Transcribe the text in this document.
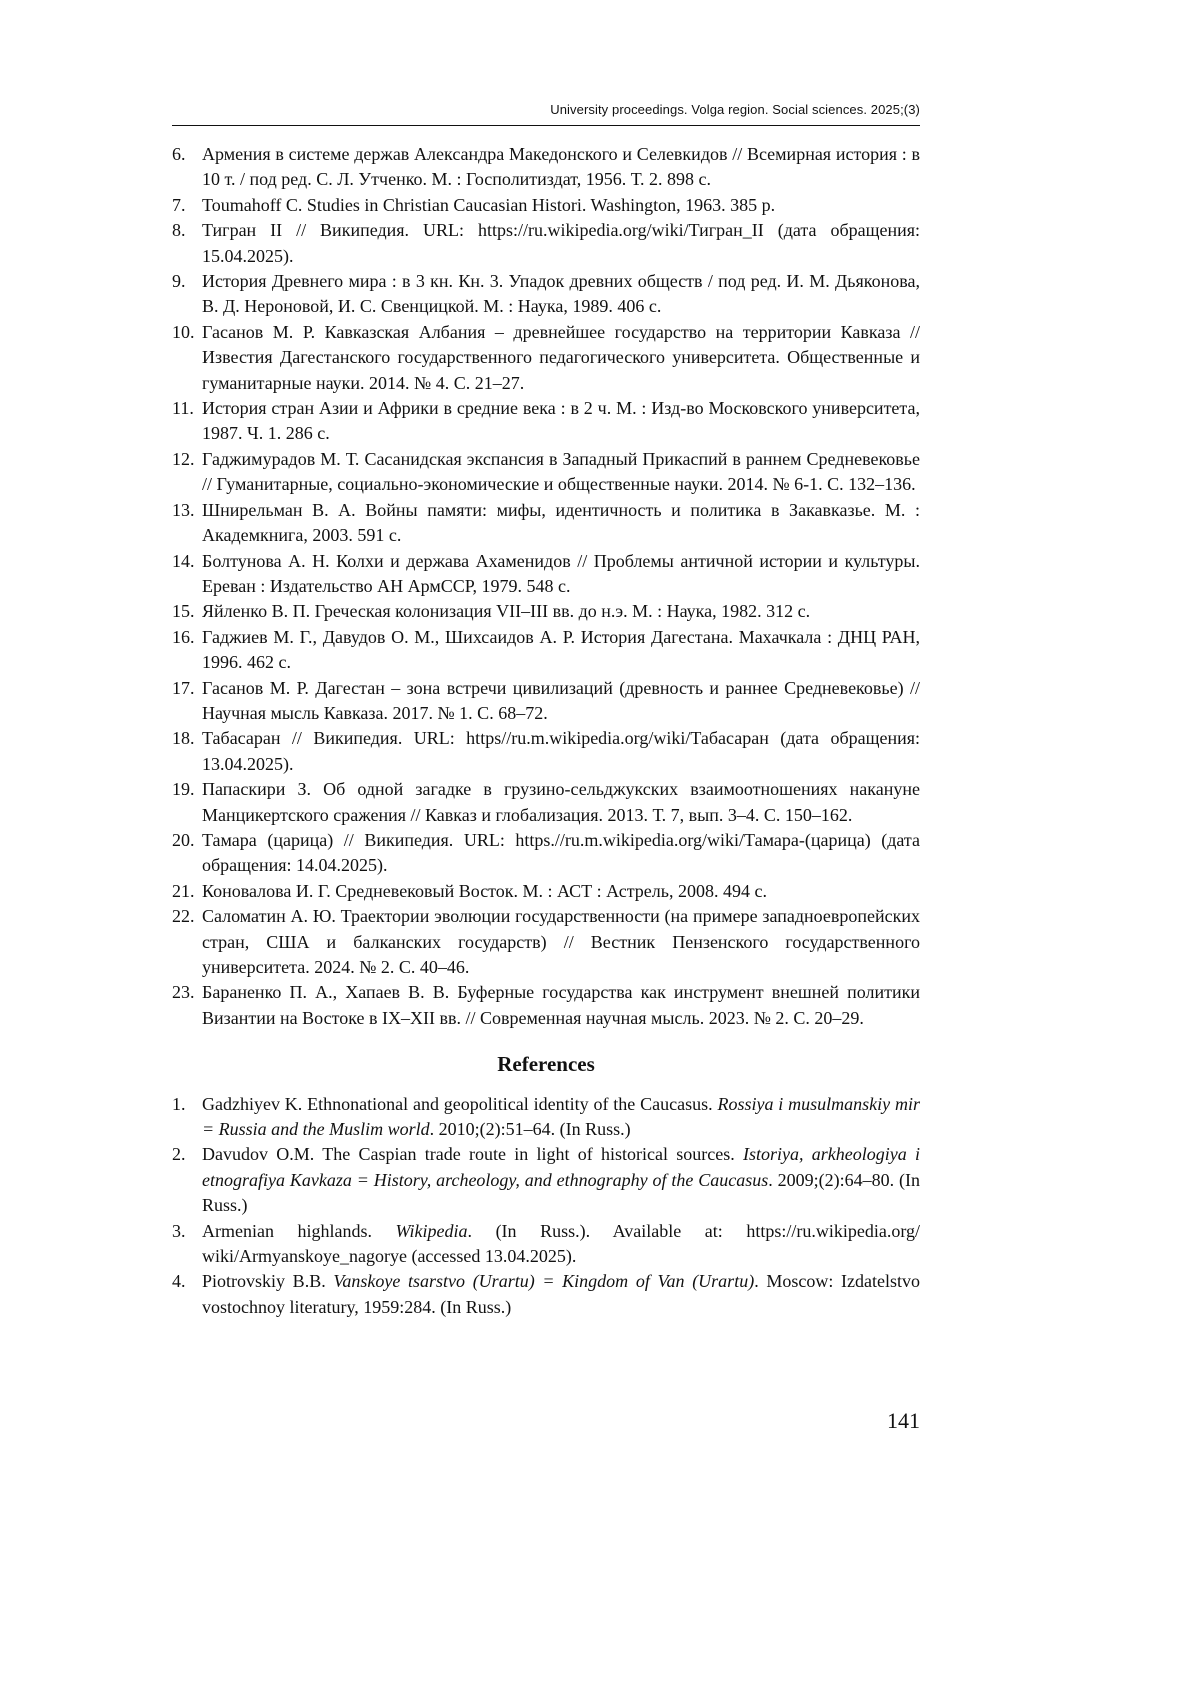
University proceedings. Volga region. Social sciences. 2025;(3)
6. Армения в системе держав Александра Македонского и Селевкидов // Всемирная история : в 10 т. / под ред. С. Л. Утченко. М. : Госполитиздат, 1956. Т. 2. 898 с.
7. Toumahoff C. Studies in Christian Caucasian Histori. Washington, 1963. 385 p.
8. Тигран II // Википедия. URL: https://ru.wikipedia.org/wiki/Тигран_II (дата обращения: 15.04.2025).
9. История Древнего мира : в 3 кн. Кн. 3. Упадок древних обществ / под ред. И. М. Дьяконова, В. Д. Нероновой, И. С. Свенцицкой. М. : Наука, 1989. 406 с.
10. Гасанов М. Р. Кавказская Албания – древнейшее государство на территории Кавказа // Известия Дагестанского государственного педагогического университета. Общественные и гуманитарные науки. 2014. № 4. С. 21–27.
11. История стран Азии и Африки в средние века : в 2 ч. М. : Изд-во Московского университета, 1987. Ч. 1. 286 с.
12. Гаджимурадов М. Т. Сасанидская экспансия в Западный Прикаспий в раннем Средневековье // Гуманитарные, социально-экономические и общественные науки. 2014. № 6-1. С. 132–136.
13. Шнирельман В. А. Войны памяти: мифы, идентичность и политика в Закавказье. М. : Академкнига, 2003. 591 с.
14. Болтунова А. Н. Колхи и держава Ахаменидов // Проблемы античной истории и культуры. Ереван : Издательство АН АрмССР, 1979. 548 с.
15. Яйленко В. П. Греческая колонизация VII–III вв. до н.э. М. : Наука, 1982. 312 с.
16. Гаджиев М. Г., Давудов О. М., Шихсаидов А. Р. История Дагестана. Махачкала : ДНЦ РАН, 1996. 462 с.
17. Гасанов М. Р. Дагестан – зона встречи цивилизаций (древность и раннее Средневековье) // Научная мысль Кавказа. 2017. № 1. С. 68–72.
18. Табасаран // Википедия. URL: https//ru.m.wikipedia.org/wiki/Табасаран (дата обращения: 13.04.2025).
19. Папаскири З. Об одной загадке в грузино-сельджукских взаимоотношениях накануне Манцикертского сражения // Кавказ и глобализация. 2013. Т. 7, вып. 3–4. С. 150–162.
20. Тамара (царица) // Википедия. URL: https.//ru.m.wikipedia.org/wiki/Тамара-(царица) (дата обращения: 14.04.2025).
21. Коновалова И. Г. Средневековый Восток. М. : АСТ : Астрель, 2008. 494 с.
22. Саломатин А. Ю. Траектории эволюции государственности (на примере западноевропейских стран, США и балканских государств) // Вестник Пензенского государственного университета. 2024. № 2. С. 40–46.
23. Бараненко П. А., Хапаев В. В. Буферные государства как инструмент внешней политики Византии на Востоке в IX–XII вв. // Современная научная мысль. 2023. № 2. С. 20–29.
References
1. Gadzhiyev K. Ethnonational and geopolitical identity of the Caucasus. Rossiya i musulmanskiy mir = Russia and the Muslim world. 2010;(2):51–64. (In Russ.)
2. Davudov O.M. The Caspian trade route in light of historical sources. Istoriya, arkheologiya i etnografiya Kavkaza = History, archeology, and ethnography of the Caucasus. 2009;(2):64–80. (In Russ.)
3. Armenian highlands. Wikipedia. (In Russ.). Available at: https://ru.wikipedia.org/ wiki/Armyanskoye_nagorye (accessed 13.04.2025).
4. Piotrovskiy B.B. Vanskoye tsarstvo (Urartu) = Kingdom of Van (Urartu). Moscow: Izdatelstvo vostochnoy literatury, 1959:284. (In Russ.)
141
